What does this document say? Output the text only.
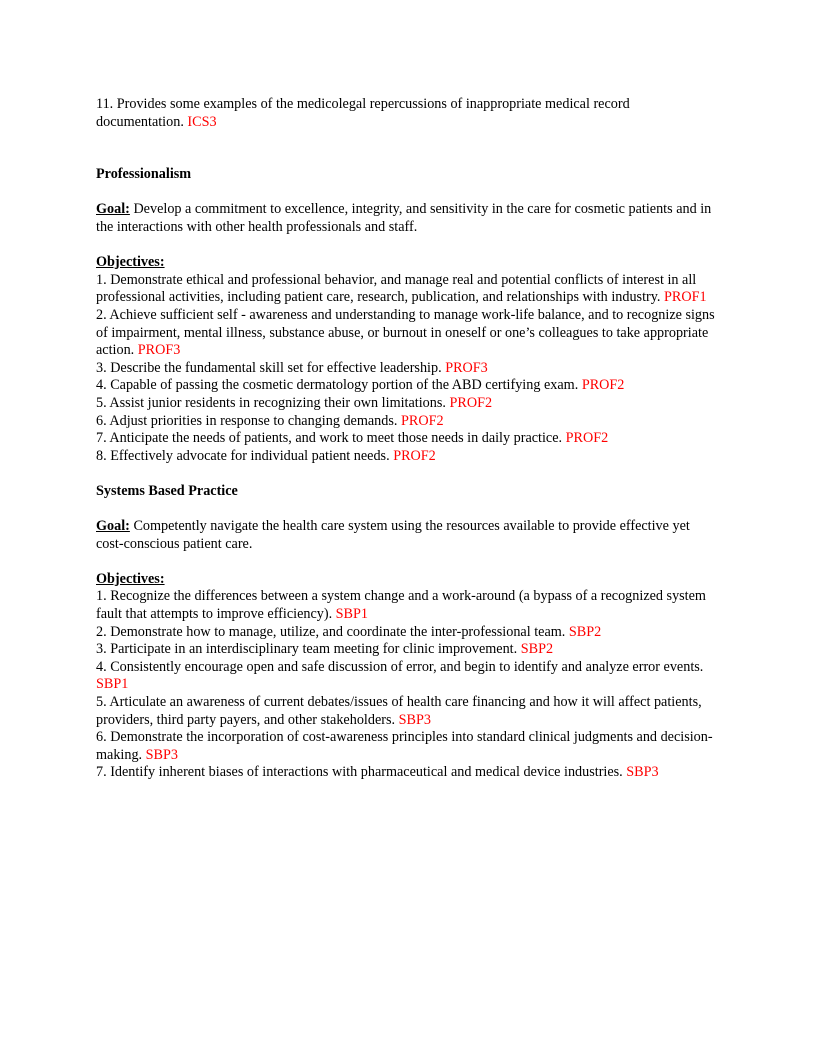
11. Provides some examples of the medicolegal repercussions of inappropriate medical record documentation. ICS3

Professionalism

Goal: Develop a commitment to excellence, integrity, and sensitivity in the care for cosmetic patients and in the interactions with other health professionals and staff.

Objectives:

1. Demonstrate ethical and professional behavior, and manage real and potential conflicts of interest in all professional activities, including patient care, research, publication, and relationships with industry. PROF1

2. Achieve sufficient self - awareness and understanding to manage work-life balance, and to recognize signs of impairment, mental illness, substance abuse, or burnout in oneself or one’s colleagues to take appropriate action. PROF3

3. Describe the fundamental skill set for effective leadership. PROF3

4. Capable of passing the cosmetic dermatology portion of the ABD certifying exam. PROF2

5. Assist junior residents in recognizing their own limitations. PROF2

6. Adjust priorities in response to changing demands. PROF2

7. Anticipate the needs of patients, and work to meet those needs in daily practice. PROF2

8. Effectively advocate for individual patient needs. PROF2

Systems Based Practice

Goal: Competently navigate the health care system using the resources available to provide effective yet cost-conscious patient care.

Objectives:

1. Recognize the differences between a system change and a work-around (a bypass of a recognized system fault that attempts to improve efficiency). SBP1

2. Demonstrate how to manage, utilize, and coordinate the inter-professional team. SBP2

3. Participate in an interdisciplinary team meeting for clinic improvement. SBP2

4. Consistently encourage open and safe discussion of error, and begin to identify and analyze error events. SBP1

5. Articulate an awareness of current debates/issues of health care financing and how it will affect patients, providers, third party payers, and other stakeholders. SBP3

6. Demonstrate the incorporation of cost-awareness principles into standard clinical judgments and decision-making. SBP3

7. Identify inherent biases of interactions with pharmaceutical and medical device industries. SBP3
